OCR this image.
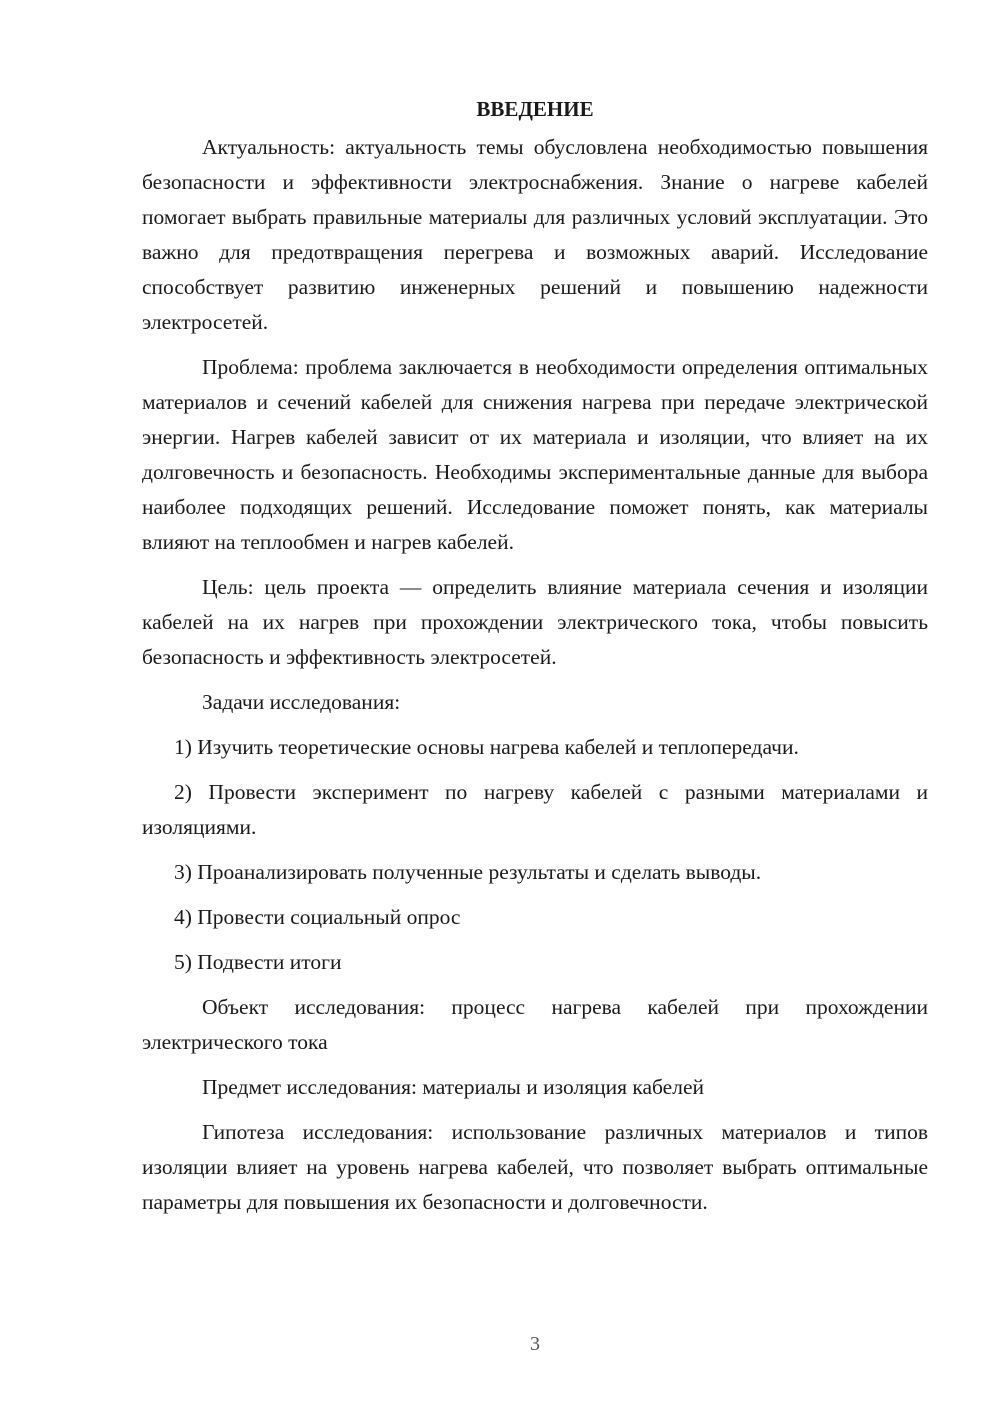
ВВЕДЕНИЕ

Актуальность: актуальность темы обусловлена необходимостью повышения безопасности и эффективности электроснабжения. Знание о нагреве кабелей помогает выбрать правильные материалы для различных условий эксплуатации. Это важно для предотвращения перегрева и возможных аварий. Исследование способствует развитию инженерных решений и повышению надежности электросетей.

Проблема: проблема заключается в необходимости определения оптимальных материалов и сечений кабелей для снижения нагрева при передаче электрической энергии. Нагрев кабелей зависит от их материала и изоляции, что влияет на их долговечность и безопасность. Необходимы экспериментальные данные для выбора наиболее подходящих решений. Исследование поможет понять, как материалы влияют на теплообмен и нагрев кабелей.

Цель: цель проекта — определить влияние материала сечения и изоляции кабелей на их нагрев при прохождении электрического тока, чтобы повысить безопасность и эффективность электросетей.

Задачи исследования:

1) Изучить теоретические основы нагрева кабелей и теплопередачи.

2) Провести эксперимент по нагреву кабелей с разными материалами и изоляциями.

3) Проанализировать полученные результаты и сделать выводы.

4) Провести социальный опрос

5) Подвести итоги

Объект исследования: процесс нагрева кабелей при прохождении электрического тока

Предмет исследования: материалы и изоляция кабелей

Гипотеза исследования: использование различных материалов и типов изоляции влияет на уровень нагрева кабелей, что позволяет выбрать оптимальные параметры для повышения их безопасности и долговечности.

3
